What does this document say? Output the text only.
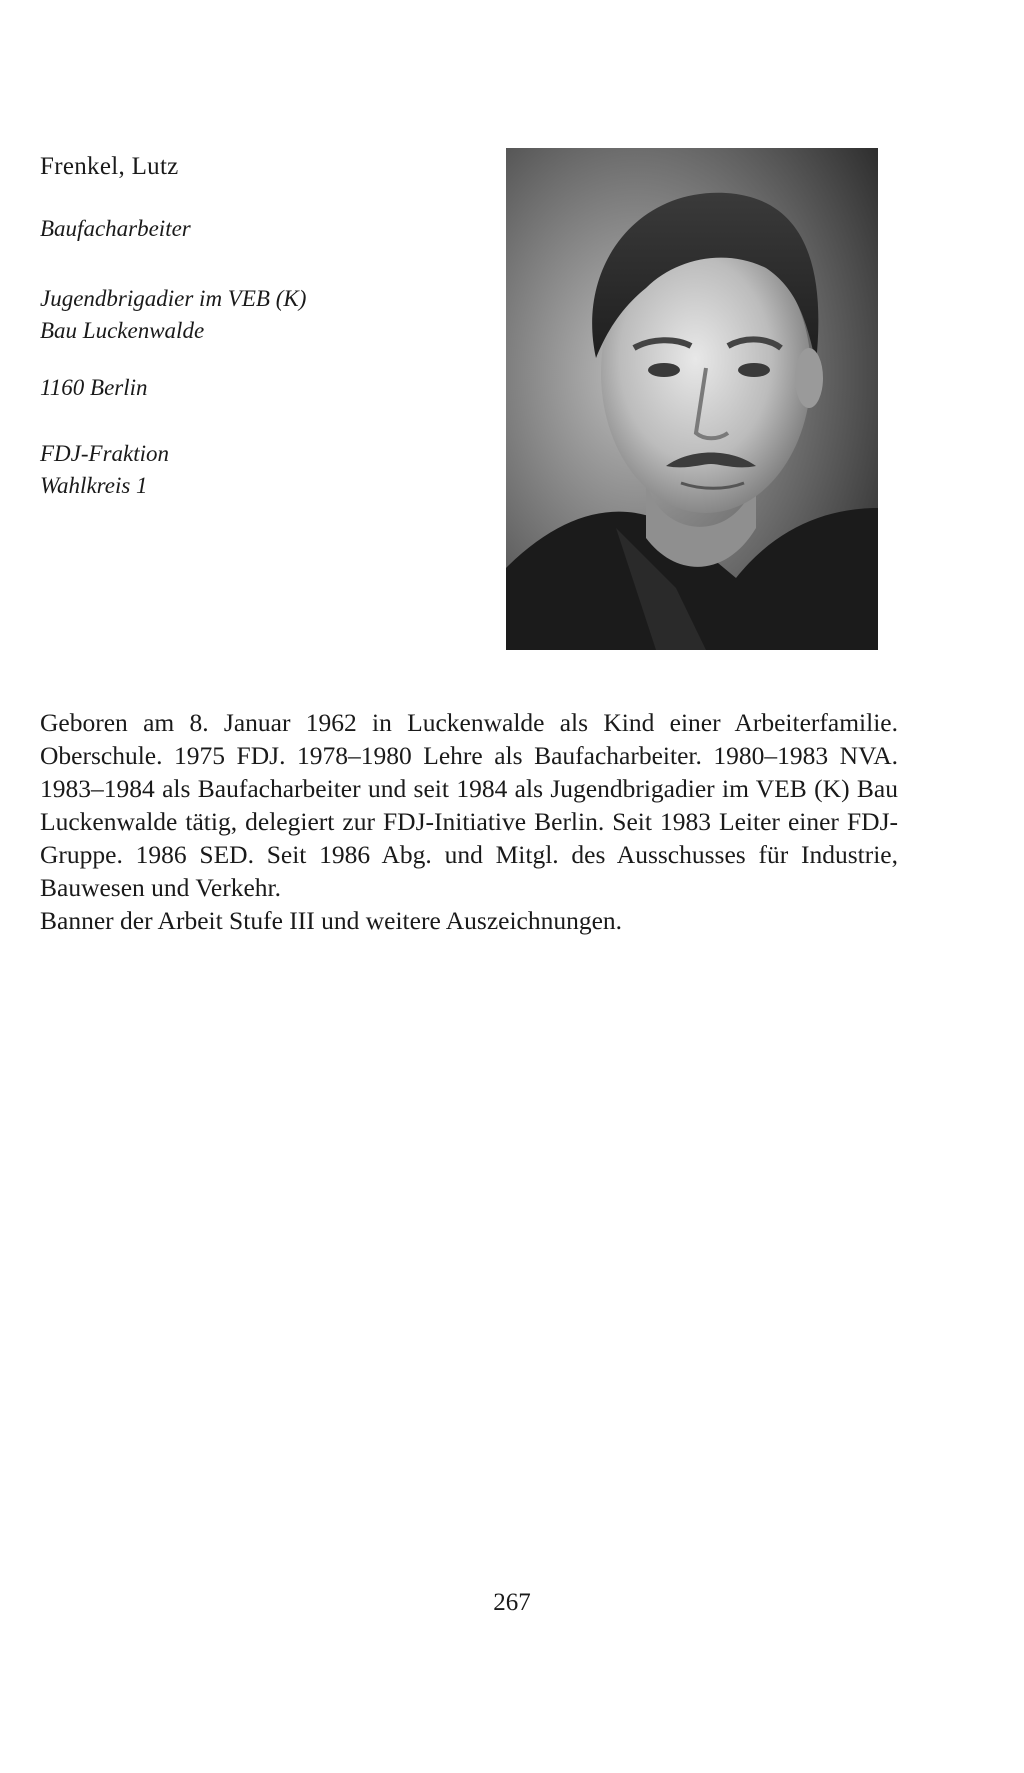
Frenkel, Lutz
Baufacharbeiter
Jugendbrigadier im VEB (K)
Bau Luckenwalde
1160 Berlin
FDJ-Fraktion
Wahlkreis 1

Geboren am 8. Januar 1962 in Luckenwalde als Kind einer Arbeiterfamilie. Oberschule. 1975 FDJ. 1978–1980 Lehre als Baufacharbeiter. 1980–1983 NVA. 1983–1984 als Baufacharbeiter und seit 1984 als Jugendbrigadier im VEB (K) Bau Luckenwalde tätig, delegiert zur FDJ-Initiative Berlin. Seit 1983 Leiter einer FDJ-Gruppe. 1986 SED. Seit 1986 Abg. und Mitgl. des Ausschusses für Industrie, Bauwesen und Verkehr.

Banner der Arbeit Stufe III und weitere Auszeichnungen.

267
